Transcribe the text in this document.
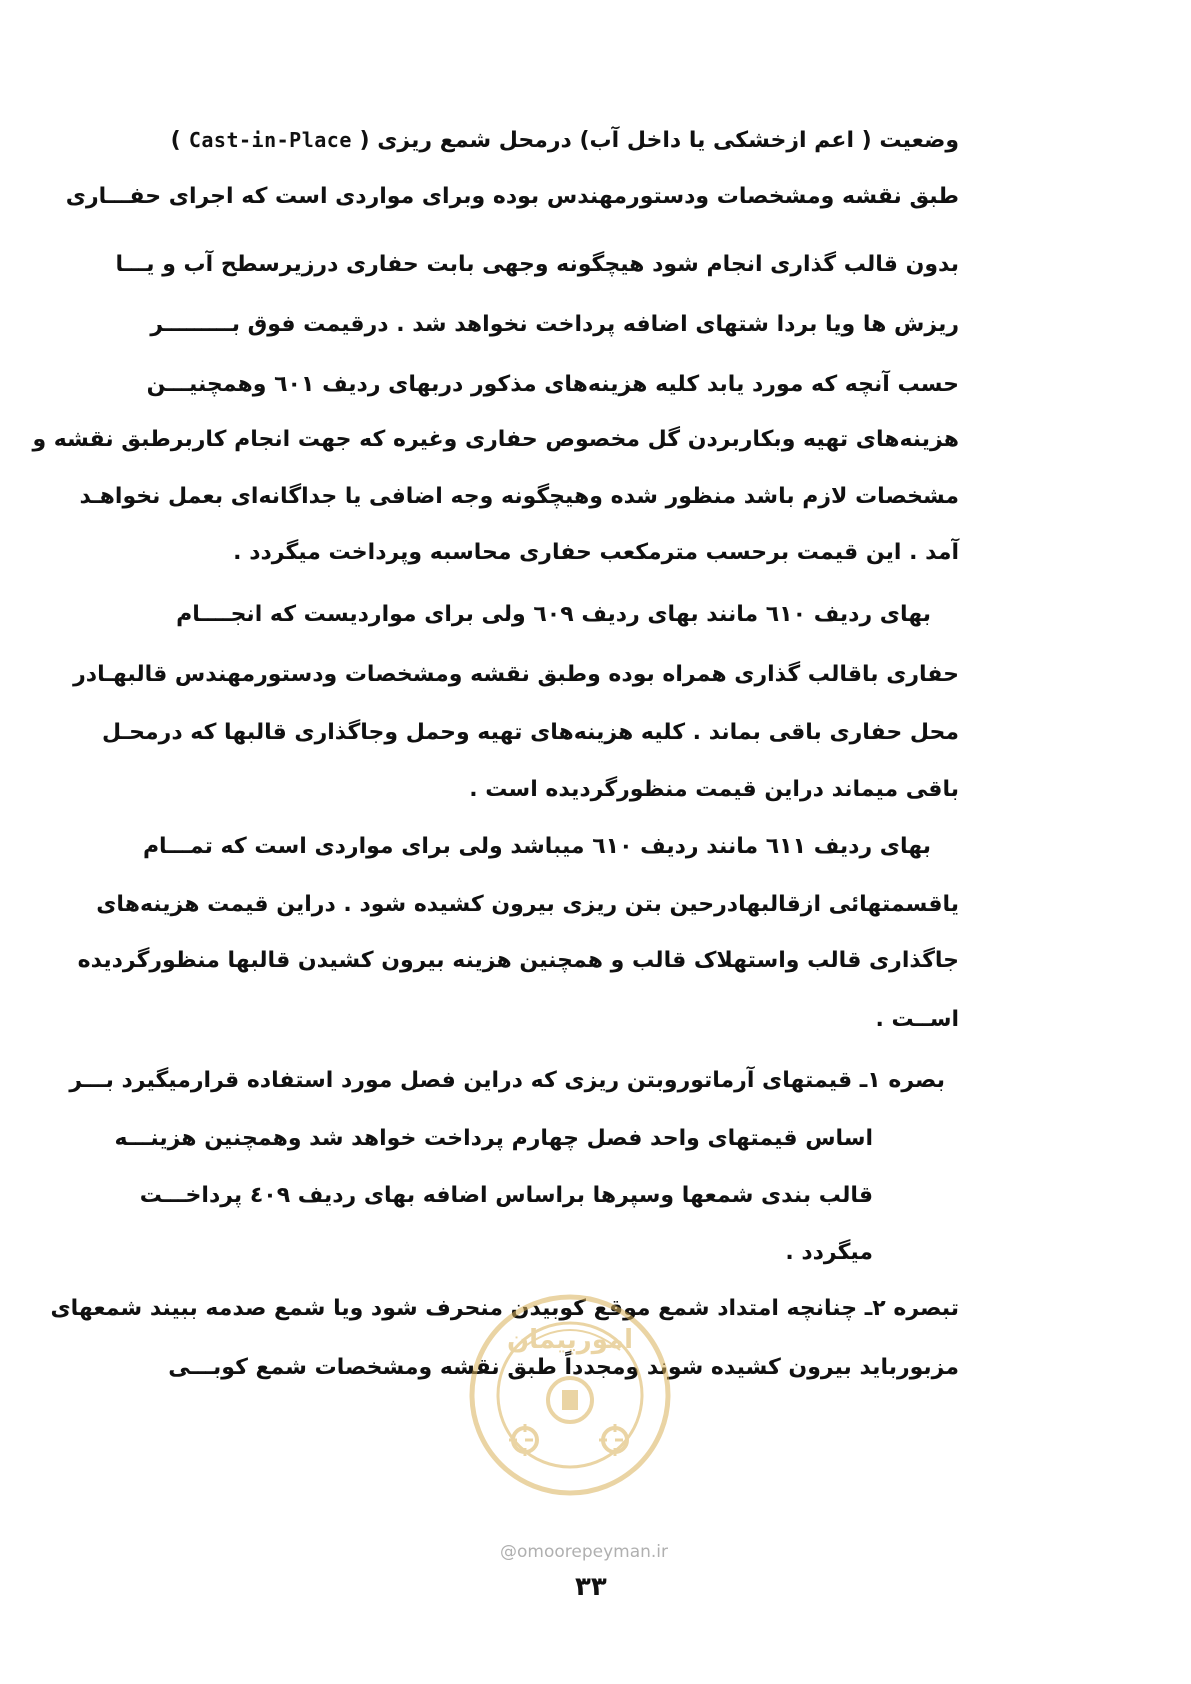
وضعیت ( اعم ازخشکی یا داخل آب) درمحل شمع ریزی ( Cast-in-Place )
طبق نقشه ومشخصات ودستورمهندس بوده وبرای مواردی است که اجرای حفـــاری
بدون قالب گذاری انجام شود هیچگونه وجهی بابت حفاری درزیرسطح آب و یـــا
ریزش ها ویا بردا شتهای اضافه پرداخت نخواهد شد . درقیمت فوق بـــــــــر
حسب آنچه که مورد یابد کلیه هزینه‌های مذکور دربهای ردیف ٦٠١ وهمچنیـــن
هزینه‌های تهیه وبکاربردن گل مخصوص حفاری وغیره که جهت انجام کاربرطبق نقشه و
مشخصات لازم باشد منظور شده وهیچگونه وجه اضافی یا جداگانه‌ای بعمل نخواهـد
آمد . این قیمت برحسب مترمکعب حفاری محاسبه وپرداخت میگردد .
بهای ردیف ٦١٠ مانند بهای ردیف ٦٠٩ ولی برای مواردیست که انجــــام
حفاری باقالب گذاری همراه بوده وطبق نقشه ومشخصات ودستورمهندس قالبهـادر
محل حفاری باقی بماند . کلیه هزینه‌های تهیه وحمل وجاگذاری قالبها که درمحـل
باقی میماند دراین قیمت منظورگردیده است .
بهای ردیف ٦١١ مانند ردیف ٦١٠ میباشد ولی برای مواردی است که تمـــام
یاقسمتهائی ازقالبهادرحین بتن ریزی بیرون کشیده شود . دراین قیمت هزینه‌های
جاگذاری قالب واستهلاک قالب و همچنین هزینه بیرون کشیدن قالبها منظورگردیده
اســت .
بصره ١ـ قیمتهای آرماتوروبتن ریزی که دراین فصل مورد استفاده قرارمیگیرد بـــر
اساس قیمتهای واحد فصل چهارم پرداخت خواهد شد وهمچنین هزینـــه
قالب بندی شمعها وسپرها براساس اضافه بهای ردیف ٤٠٩ پرداخـــت
میگردد .
تبصره ٢ـ چنانچه امتداد شمع موقع کوبیدن منحرف شود ویا شمع صدمه ببیند شمعهای
مزبورباید بیرون کشیده شوند ومجدداً طبق نقشه ومشخصات شمع کوبـــی
امورپیمان
@omoorepeyman.ir
٣٣
